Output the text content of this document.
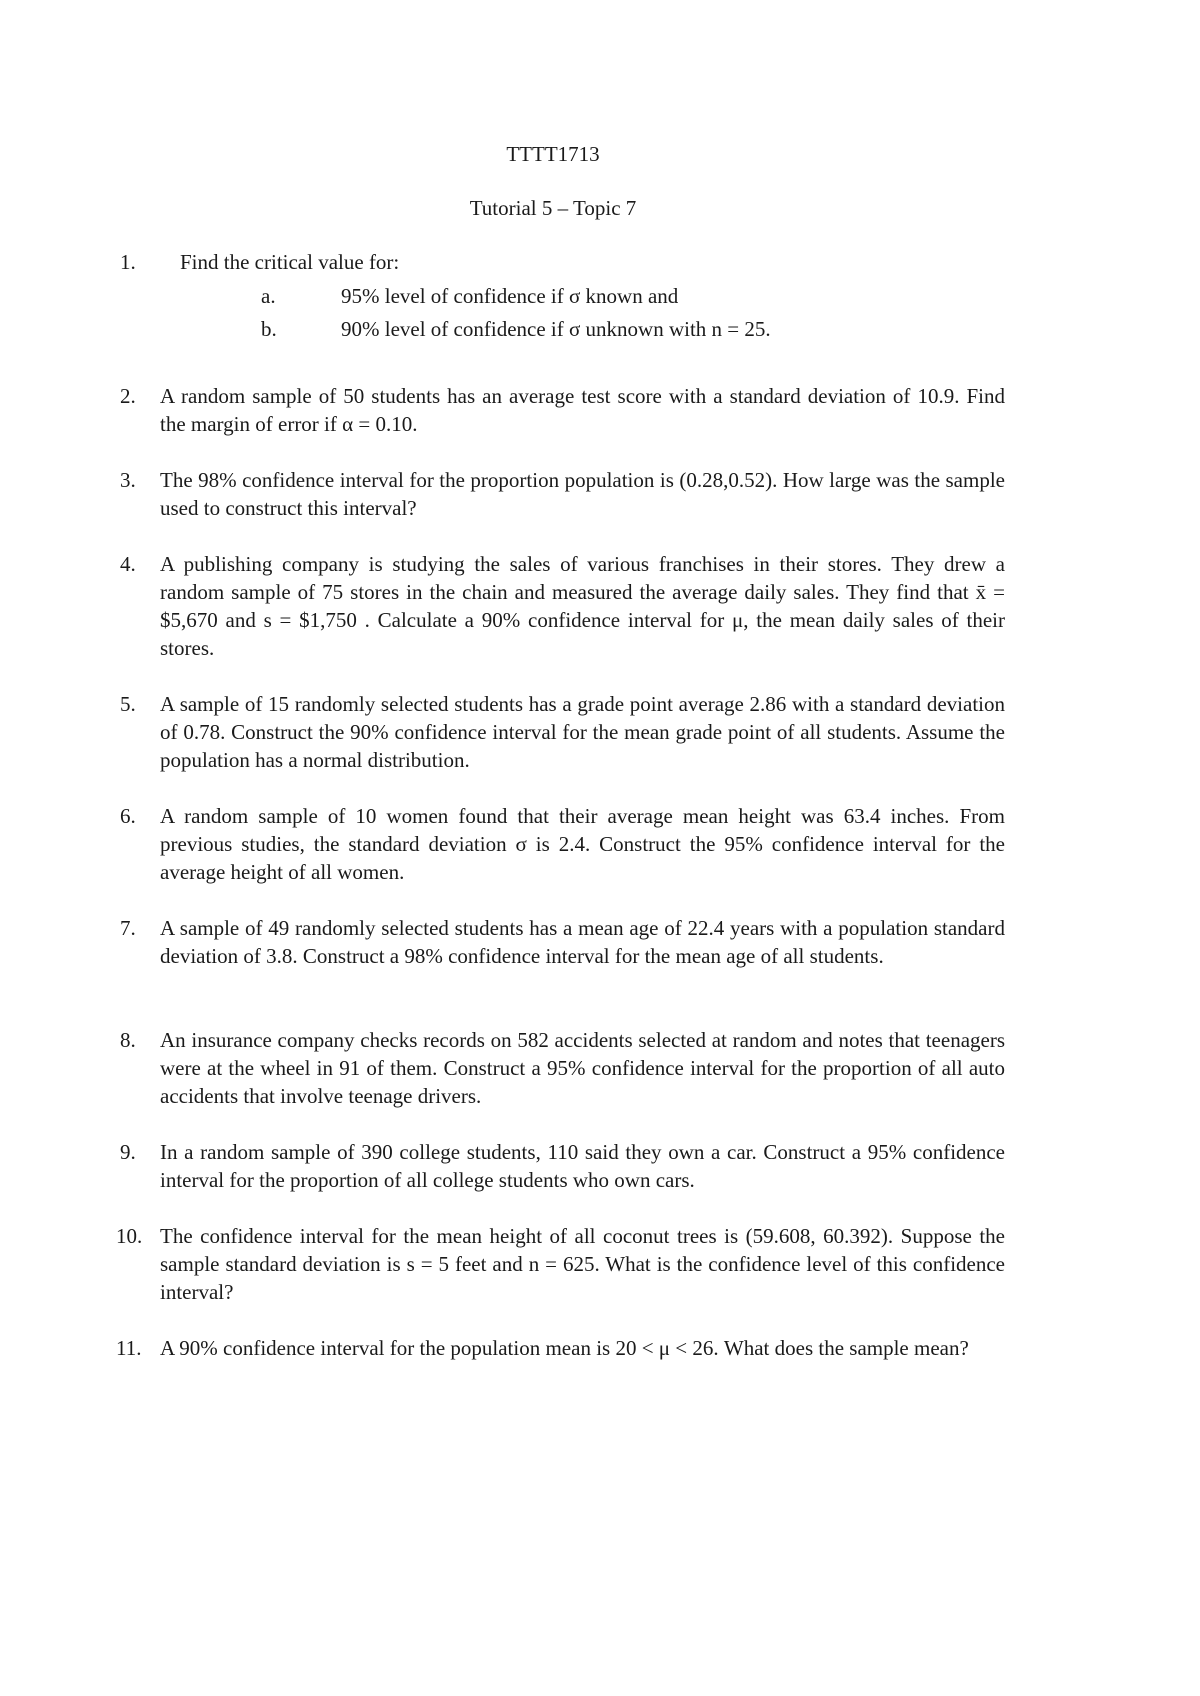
TTTT1713

Tutorial 5 – Topic 7

1.	Find the critical value for:
a.	95% level of confidence if σ known and
b.	90% level of confidence if σ unknown with n = 25.
2.	A random sample of 50 students has an average test score with a standard deviation of 10.9. Find the margin of error if α = 0.10.
3.	The 98% confidence interval for the proportion population is (0.28,0.52). How large was the sample used to construct this interval?
4.	A publishing company is studying the sales of various franchises in their stores. They drew a random sample of 75 stores in the chain and measured the average daily sales. They find that x̄ = $5,670 and s = $1,750 . Calculate a 90% confidence interval for μ, the mean daily sales of their stores.
5.	A sample of 15 randomly selected students has a grade point average 2.86 with a standard deviation of 0.78. Construct the 90% confidence interval for the mean grade point of all students. Assume the population has a normal distribution.
6.	A random sample of 10 women found that their average mean height was 63.4 inches. From previous studies, the standard deviation σ is 2.4. Construct the 95% confidence interval for the average height of all women.
7.	A sample of 49 randomly selected students has a mean age of 22.4 years with a population standard deviation of 3.8. Construct a 98% confidence interval for the mean age of all students.
8.	An insurance company checks records on 582 accidents selected at random and notes that teenagers were at the wheel in 91 of them. Construct a 95% confidence interval for the proportion of all auto accidents that involve teenage drivers.
9.	In a random sample of 390 college students, 110 said they own a car. Construct a 95% confidence interval for the proportion of all college students who own cars.
10. The confidence interval for the mean height of all coconut trees is (59.608, 60.392). Suppose the sample standard deviation is s = 5 feet and n = 625. What is the confidence level of this confidence interval?
11. A 90% confidence interval for the population mean is 20 < μ < 26. What does the sample mean?
